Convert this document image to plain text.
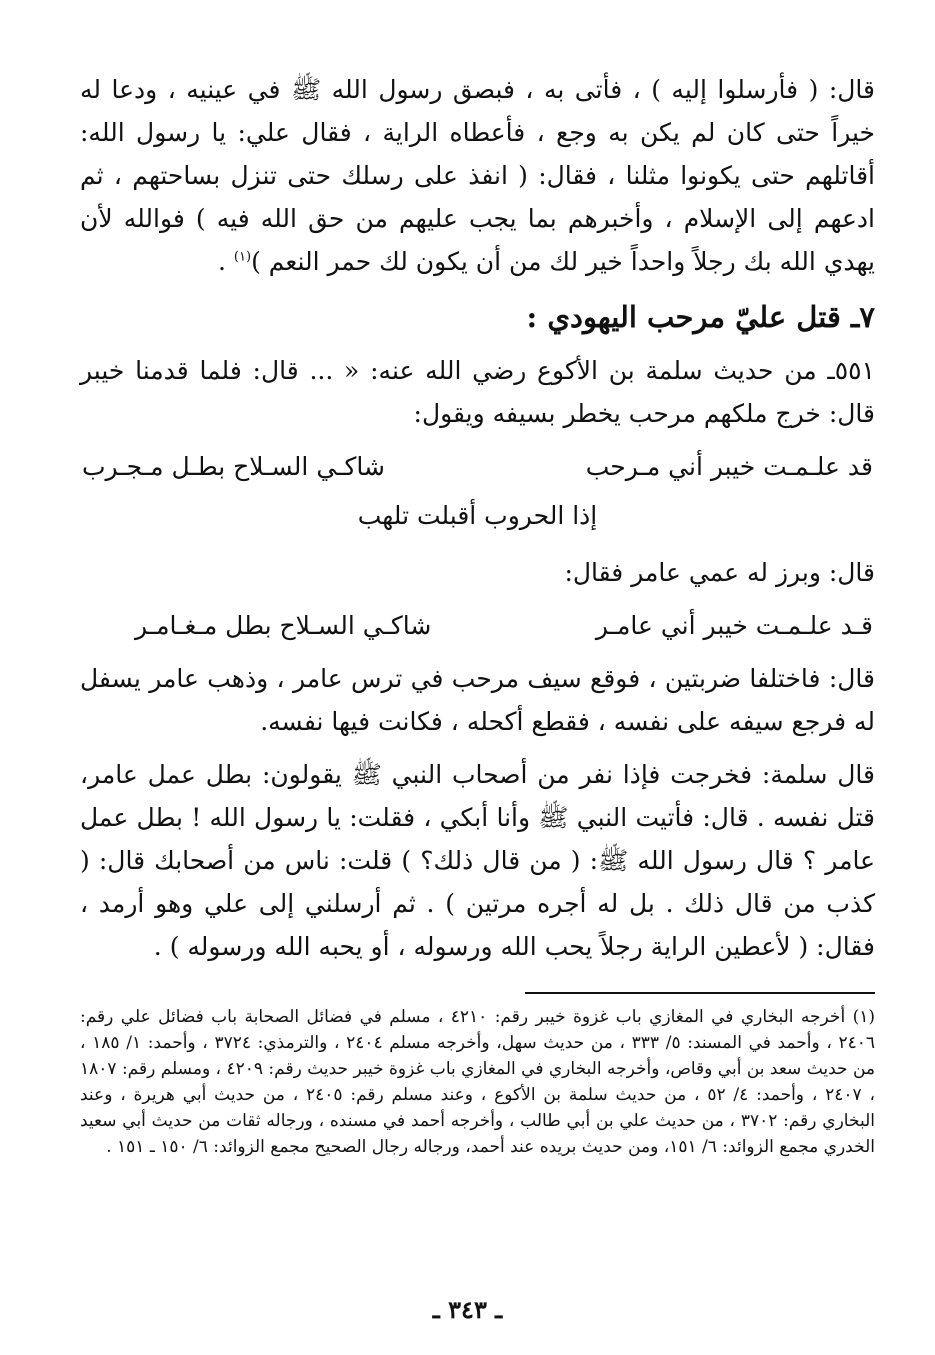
قال: ( فأرسلوا إليه ) ، فأتى به ، فبصق رسول الله ﷺ في عينيه ، ودعا له خيراً حتى كان لم يكن به وجع ، فأعطاه الراية ، فقال علي: يا رسول الله: أقاتلهم حتى يكونوا مثلنا ، فقال: ( انفذ على رسلك حتى تنزل بساحتهم ، ثم ادعهم إلى الإسلام ، وأخبرهم بما يجب عليهم من حق الله فيه ) فوالله لأن يهدي الله بك رجلاً واحداً خير لك من أن يكون لك حمر النعم )$^{(١)}$ .

٧ـ قتل عليّ مرحب اليهودي :

٥٥١ـ من حديث سلمة بن الأكوع رضي الله عنه: « ... قال: فلما قدمنا خيبر قال: خرج ملكهم مرحب يخطر بسيفه ويقول:

قد علـمـت خيبر أني مـرحب
شاكـي السـلاح بطـل مـجـرب

إذا الحروب أقبلت تلهب

قال: وبرز له عمي عامر فقال:

قـد علـمـت خيبر أني عامـر
شاكـي السـلاح بطل مـغـامـر

قال: فاختلفا ضربتين ، فوقع سيف مرحب في ترس عامر ، وذهب عامر يسفل له فرجع سيفه على نفسه ، فقطع أكحله ، فكانت فيها نفسه.

قال سلمة: فخرجت فإذا نفر من أصحاب النبي ﷺ يقولون: بطل عمل عامر، قتل نفسه . قال: فأتيت النبي ﷺ وأنا أبكي ، فقلت: يا رسول الله ! بطل عمل عامر ؟ قال رسول الله ﷺ: ( من قال ذلك؟ ) قلت: ناس من أصحابك قال: ( كذب من قال ذلك . بل له أجره مرتين ) . ثم أرسلني إلى علي وهو أرمد ، فقال: ( لأعطين الراية رجلاً يحب الله ورسوله ، أو يحبه الله ورسوله ) .

(١) أخرجه البخاري في المغازي باب غزوة خيبر رقم: ٤٢١٠ ، مسلم في فضائل الصحابة باب فضائل علي رقم: ٢٤٠٦ ، وأحمد في المسند: ٥/ ٣٣٣ ، من حديث سهل، وأخرجه مسلم ٢٤٠٤ ، والترمذي: ٣٧٢٤ ، وأحمد: ١/ ١٨٥ ، من حديث سعد بن أبي وقاص، وأخرجه البخاري في المغازي باب غزوة خيبر حديث رقم: ٤٢٠٩ ، ومسلم رقم: ١٨٠٧ ، ٢٤٠٧ ، وأحمد: ٤/ ٥٢ ، من حديث سلمة بن الأكوع ، وعند مسلم رقم: ٢٤٠٥ ، من حديث أبي هريرة ، وعند البخاري رقم: ٣٧٠٢ ، من حديث علي بن أبي طالب ، وأخرجه أحمد في مسنده ، ورجاله ثقات من حديث أبي سعيد الخدري مجمع الزوائد: ٦/ ١٥١، ومن حديث بريده عند أحمد، ورجاله رجال الصحيح مجمع الزوائد: ٦/ ١٥٠ ـ ١٥١ .

ـ ٣٤٣ ـ
